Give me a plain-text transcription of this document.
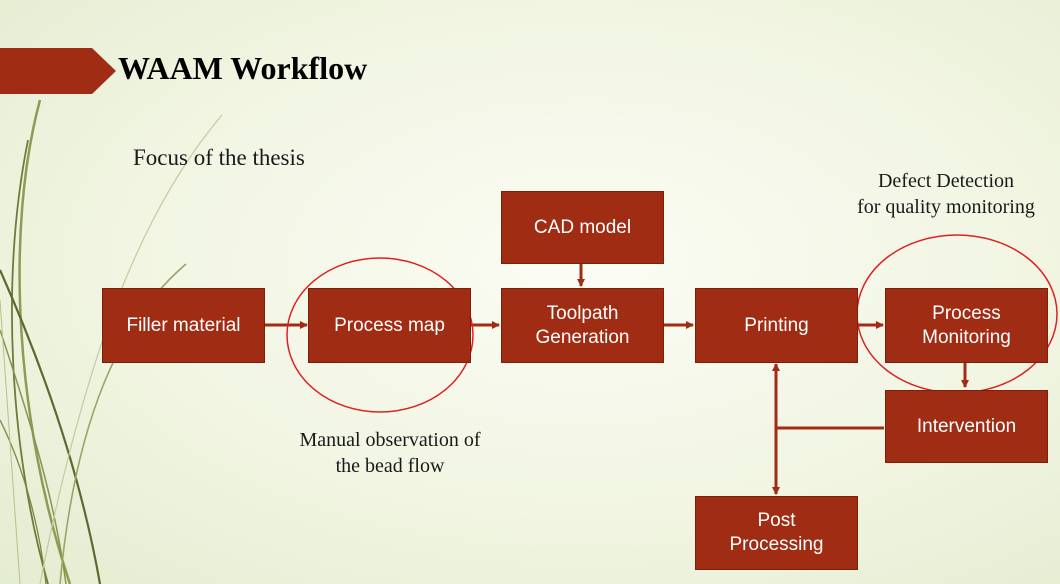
WAAM Workflow
Focus of the thesis
Defect Detection
for quality monitoring
Manual observation of
the bead flow
Filler material	Process map
CAD model
Toolpath
Generation
Printing
Process
Monitoring
Intervention
Post
Processing
